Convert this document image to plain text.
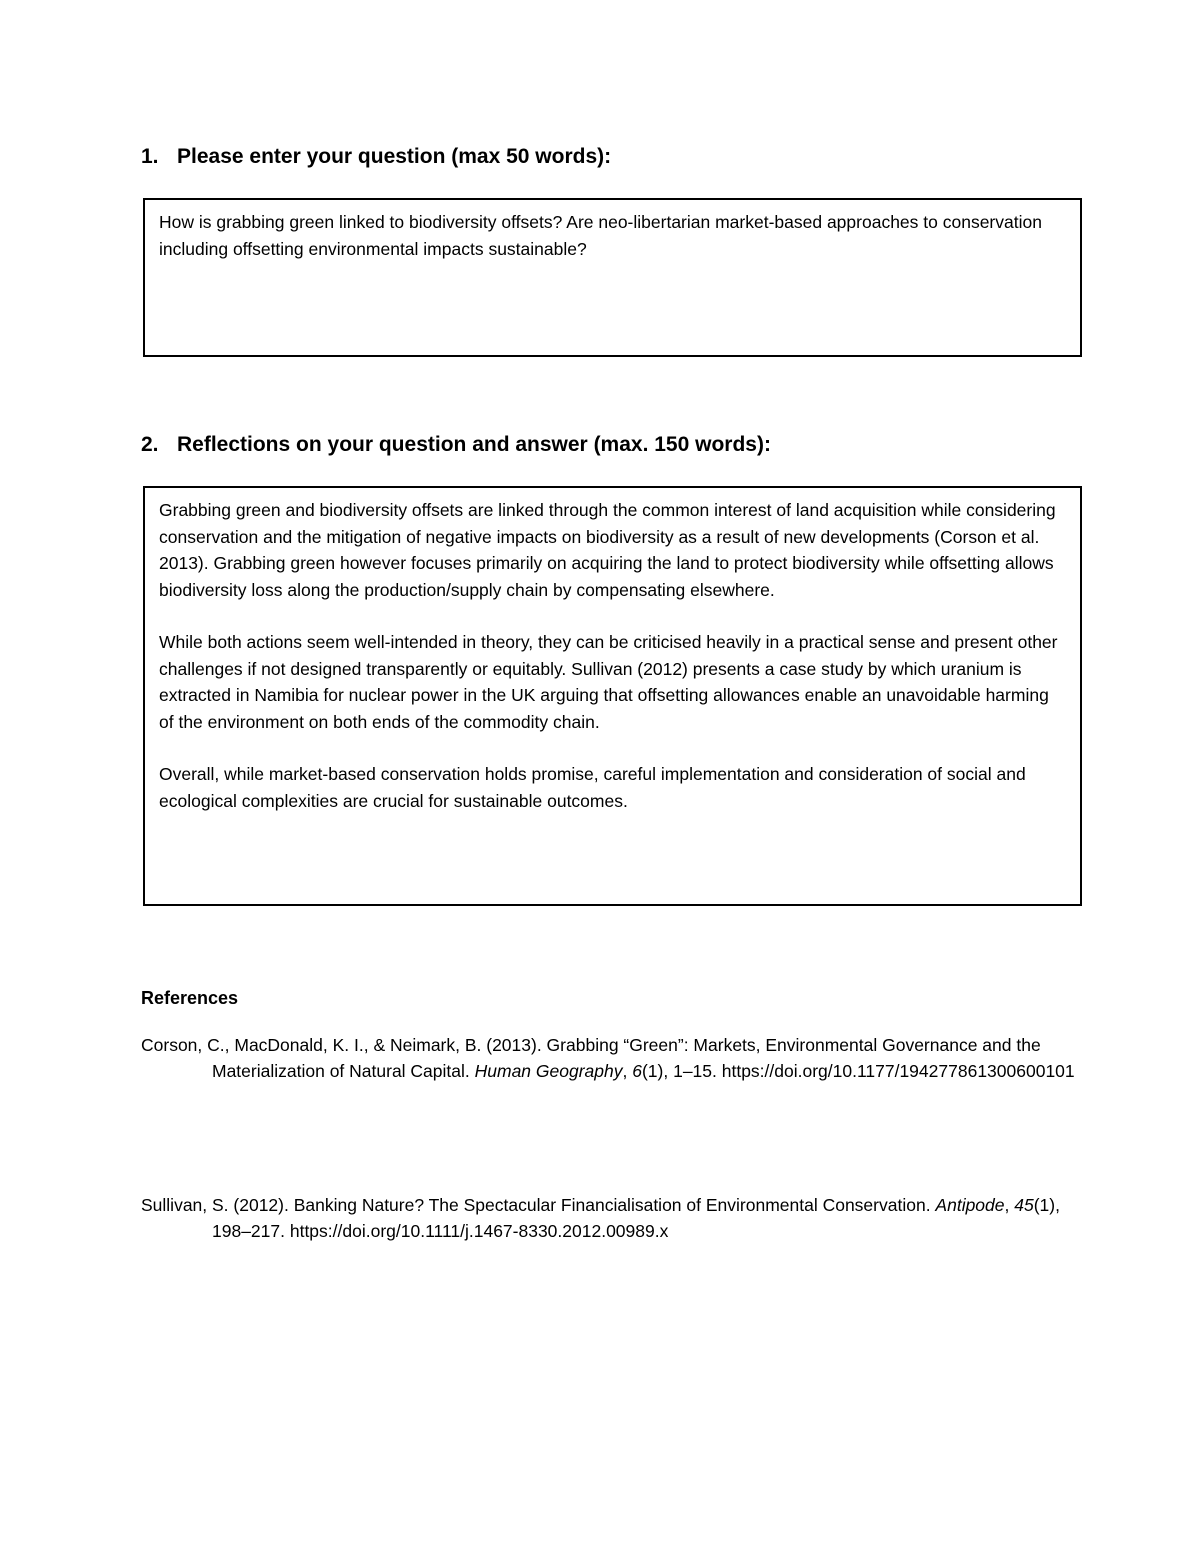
1. Please enter your question (max 50 words):

How is grabbing green linked to biodiversity offsets? Are neo-libertarian market-based approaches to conservation including offsetting environmental impacts sustainable?

2. Reflections on your question and answer (max. 150 words):

Grabbing green and biodiversity offsets are linked through the common interest of land acquisition while considering conservation and the mitigation of negative impacts on biodiversity as a result of new developments (Corson et al. 2013). Grabbing green however focuses primarily on acquiring the land to protect biodiversity while offsetting allows biodiversity loss along the production/supply chain by compensating elsewhere.

While both actions seem well-intended in theory, they can be criticised heavily in a practical sense and present other challenges if not designed transparently or equitably. Sullivan (2012) presents a case study by which uranium is extracted in Namibia for nuclear power in the UK arguing that offsetting allowances enable an unavoidable harming of the environment on both ends of the commodity chain.

Overall, while market-based conservation holds promise, careful implementation and consideration of social and ecological complexities are crucial for sustainable outcomes.

References
Corson, C., MacDonald, K. I., & Neimark, B. (2013). Grabbing “Green”: Markets, Environmental Governance and the Materialization of Natural Capital. Human Geography, 6(1), 1–15. https://doi.org/10.1177/194277861300600101
Sullivan, S. (2012). Banking Nature? The Spectacular Financialisation of Environmental Conservation. Antipode, 45(1), 198–217. https://doi.org/10.1111/j.1467-8330.2012.00989.x
